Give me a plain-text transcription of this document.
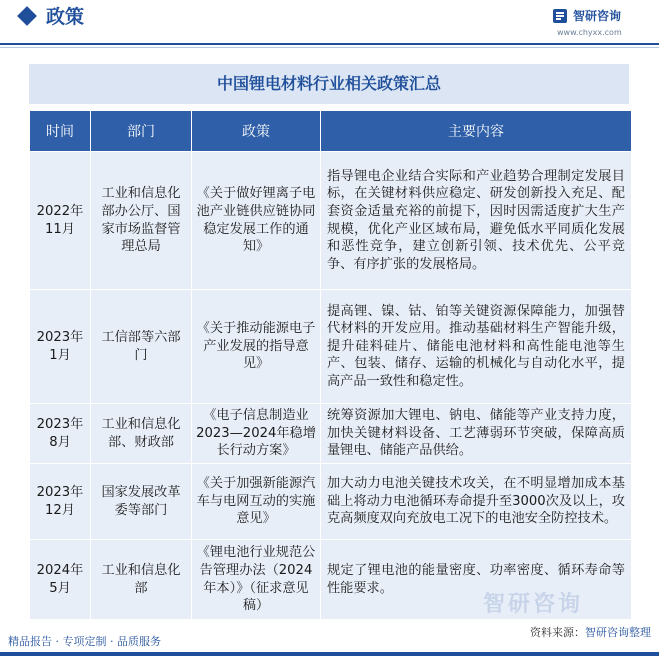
政策	智研咨询
www.chyxx.com
中国锂电材料行业相关政策汇总
时间	部门	政策	主要内容
2022年11月	工业和信息化部办公厅、国家市场监督管理总局	《关于做好锂离子电池产业链供应链协同稳定发展工作的通知》	指导锂电企业结合实际和产业趋势合理制定发展目标，在关键材料供应稳定、研发创新投入充足、配套资金适量充裕的前提下，因时因需适度扩大生产规模，优化产业区域布局，避免低水平同质化发展和恶性竞争，建立创新引领、技术优先、公平竞争、有序扩张的发展格局。
2023年1月	工信部等六部门	《关于推动能源电子产业发展的指导意见》	提高锂、镍、钴、铂等关键资源保障能力，加强替代材料的开发应用。推动基础材料生产智能升级，提升硅料硅片、储能电池材料和高性能电池等生产、包装、储存、运输的机械化与自动化水平，提高产品一致性和稳定性。
2023年8月	工业和信息化部、财政部	《电子信息制造业2023—2024年稳增长行动方案》	统筹资源加大锂电、钠电、储能等产业支持力度，加快关键材料设备、工艺薄弱环节突破，保障高质量锂电、储能产品供给。
2023年12月	国家发展改革委等部门	《关于加强新能源汽车与电网互动的实施意见》	加大动力电池关键技术攻关，在不明显增加成本基础上将动力电池循环寿命提升至3000次及以上，攻克高频度双向充放电工况下的电池安全防控技术。
2024年5月	工业和信息化部	《锂电池行业规范公告管理办法（2024年本）》（征求意见稿）	规定了锂电池的能量密度、功率密度、循环寿命等性能要求。
智研咨询
精品报告 · 专项定制 · 品质服务
资料来源：智研咨询整理
